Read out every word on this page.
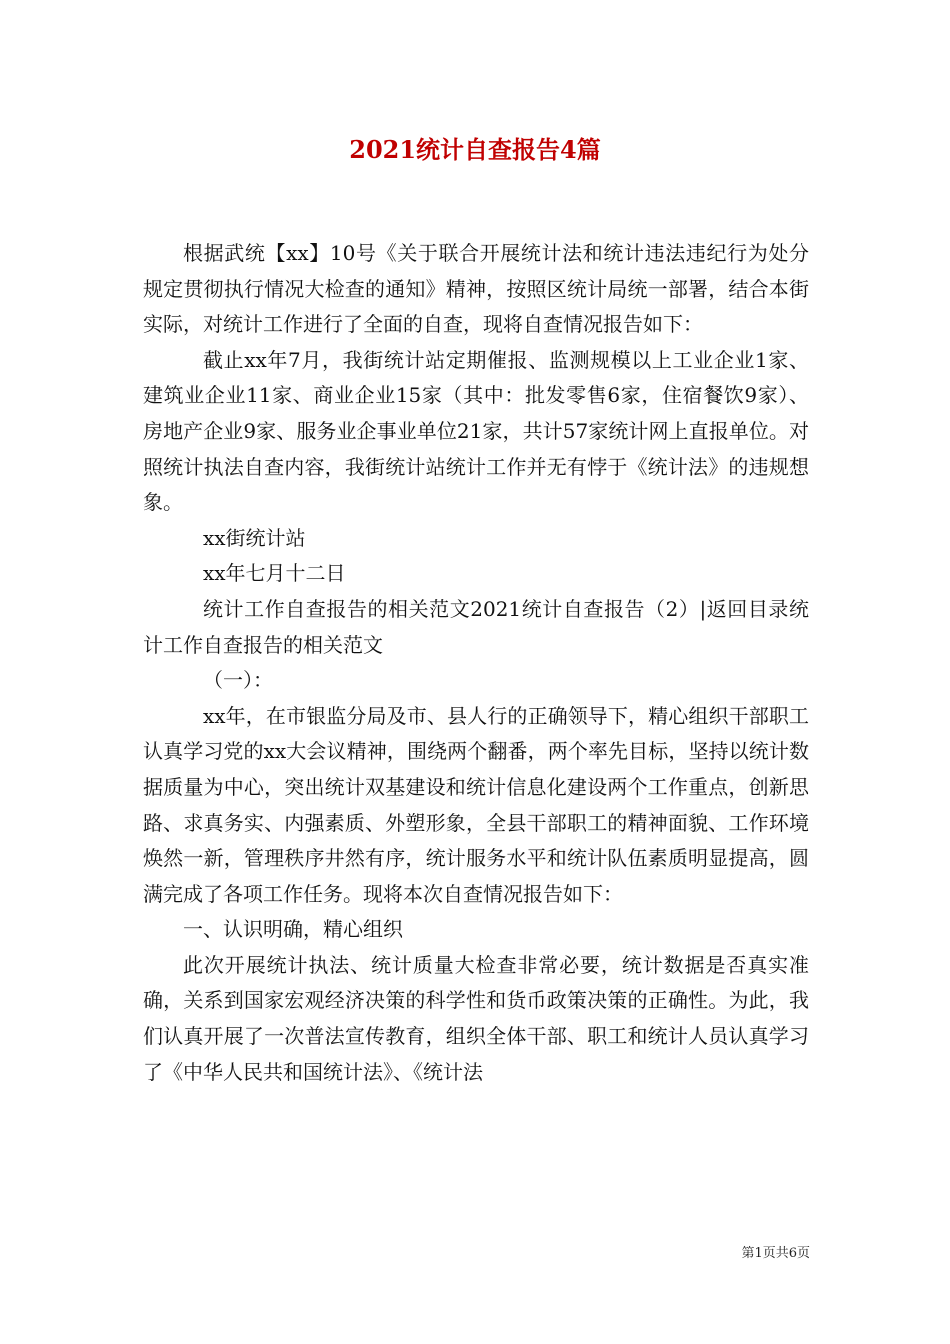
2021统计自查报告4篇

根据武统【xx】10号《关于联合开展统计法和统计违法违纪行为处分规定贯彻执行情况大检查的通知》精神，按照区统计局统一部署，结合本街实际，对统计工作进行了全面的自查，现将自查情况报告如下：

截止xx年7月，我街统计站定期催报、监测规模以上工业企业1家、建筑业企业11家、商业企业15家（其中：批发零售6家，住宿餐饮9家）、房地产企业9家、服务业企事业单位21家，共计57家统计网上直报单位。对照统计执法自查内容，我街统计站统计工作并无有悖于《统计法》的违规想象。

xx街统计站

xx年七月十二日

统计工作自查报告的相关范文2021统计自查报告（2）|返回目录统计工作自查报告的相关范文

（一）：

xx年，在市银监分局及市、县人行的正确领导下，精心组织干部职工认真学习党的xx大会议精神，围绕两个翻番，两个率先目标，坚持以统计数据质量为中心，突出统计双基建设和统计信息化建设两个工作重点，创新思路、求真务实、内强素质、外塑形象，全县干部职工的精神面貌、工作环境焕然一新，管理秩序井然有序，统计服务水平和统计队伍素质明显提高，圆满完成了各项工作任务。现将本次自查情况报告如下：

一、认识明确，精心组织

此次开展统计执法、统计质量大检查非常必要，统计数据是否真实准确，关系到国家宏观经济决策的科学性和货币政策决策的正确性。为此，我们认真开展了一次普法宣传教育，组织全体干部、职工和统计人员认真学习了《中华人民共和国统计法》、《统计法

第1页共6页
